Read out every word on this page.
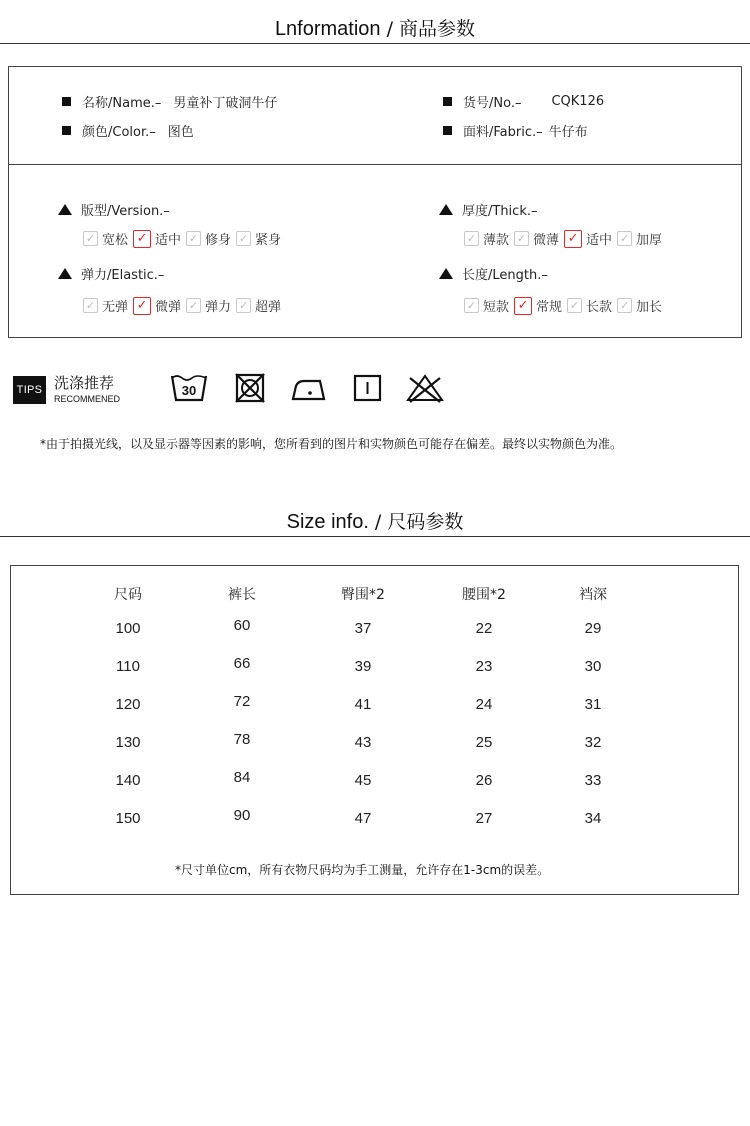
Lnformation / 商品参数
名称/Name.– 男童补丁破洞牛仔	货号/No.– CQK126
颜色/Color.– 图色	面料/Fabric.– 牛仔布
版型/Version.–
✓ 宽松 ✓ 适中 ✓ 修身 ✓ 紧身
厚度/Thick.–
✓ 薄款 ✓ 微薄 ✓ 适中 ✓ 加厚
弹力/Elastic.–
✓ 无弹 ✓ 微弹 ✓ 弹力 ✓ 超弹
长度/Length.–
✓ 短款 ✓ 常规 ✓ 长款 ✓ 加长
TIPS 洗涤推荐
RECOMMENED
30
*由于拍摄光线，以及显示器等因素的影响，您所看到的图片和实物颜色可能存在偏差。最终以实物颜色为准。
Size info. / 尺码参数
尺码	裤长	臀围*2	腰围*2	裆深
100	60	37	22	29
110	66	39	23	30
120	72	41	24	31
130	78	43	25	32
140	84	45	26	33
150	90	47	27	34
*尺寸单位cm，所有衣物尺码均为手工测量，允许存在1-3cm的误差。
